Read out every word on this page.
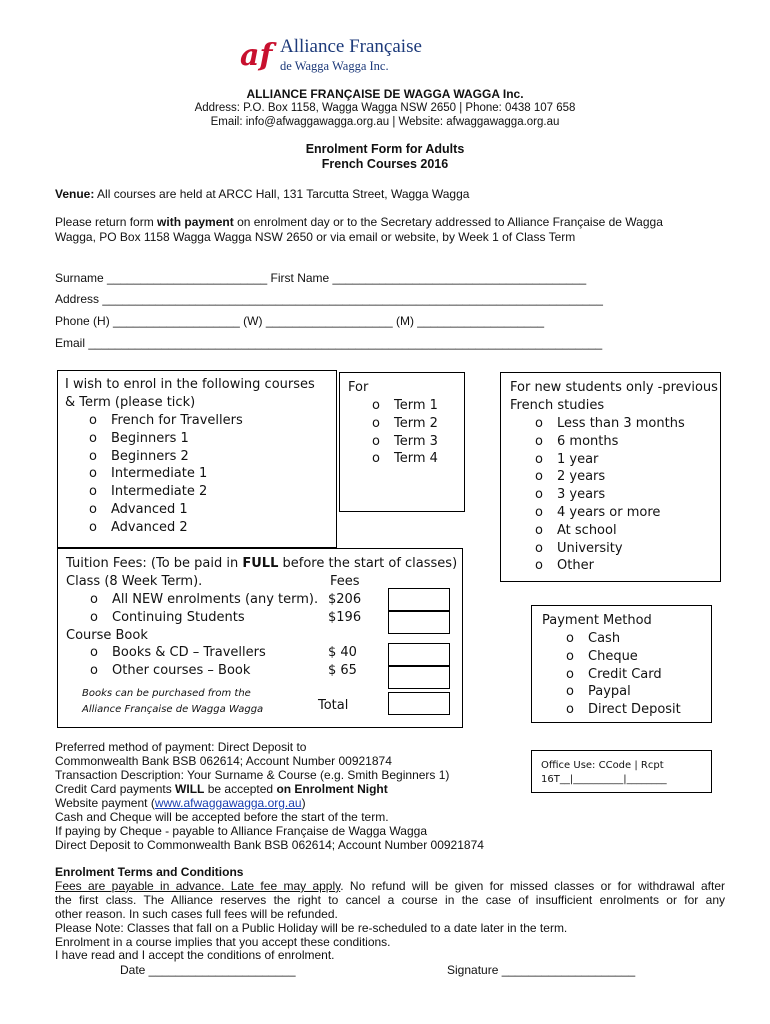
af Alliance Française
de Wagga Wagga Inc.
ALLIANCE FRANÇAISE DE WAGGA WAGGA Inc.
Address: P.O. Box 1158, Wagga Wagga NSW 2650 | Phone: 0438 107 658
Email: info@afwaggawagga.org.au | Website: afwaggawagga.org.au
Enrolment Form for Adults
French Courses 2016
Venue: All courses are held at ARCC Hall, 131 Tarcutta Street, Wagga Wagga
Please return form with payment on enrolment day or to the Secretary addressed to Alliance Française de Wagga
Wagga, PO Box 1158 Wagga Wagga NSW 2650 or via email or website, by Week 1 of Class Term
Surname ________________________ First Name ______________________________________
Address ___________________________________________________________________________
Phone (H) ___________________ (W) ___________________ (M) ___________________
Email _____________________________________________________________________________
I wish to enrol in the following courses
& Term (please tick)
o French for Travellers
o Beginners 1
o Beginners 2
o Intermediate 1
o Intermediate 2
o Advanced 1
o Advanced 2
For
o Term 1
o Term 2
o Term 3
o Term 4
For new students only -previous
French studies
o Less than 3 months
o 6 months
o 1 year
o 2 years
o 3 years
o 4 years or more
o At school
o University
o Other
Tuition Fees: (To be paid in FULL before the start of classes)
Class (8 Week Term).	Fees
o All NEW enrolments (any term). $206
o Continuing Students	$196
Course Book
o Books & CD – Travellers	$ 40
o Other courses – Book	$ 65
Books can be purchased from the
Alliance Française de Wagga Wagga	Total
Payment Method
o Cash
o Cheque
o Credit Card
o Paypal
o Direct Deposit
Office Use: CCode | Rcpt
16T__|__________|________
Preferred method of payment: Direct Deposit to
Commonwealth Bank BSB 062614; Account Number 00921874
Transaction Description: Your Surname & Course (e.g. Smith Beginners 1)
Credit Card payments WILL be accepted on Enrolment Night
Website payment (www.afwaggawagga.org.au)
Cash and Cheque will be accepted before the start of the term.
If paying by Cheque - payable to Alliance Française de Wagga Wagga
Direct Deposit to Commonwealth Bank BSB 062614; Account Number 00921874
Enrolment Terms and Conditions
Fees are payable in advance. Late fee may apply. No refund will be given for missed classes or for withdrawal after
the first class. The Alliance reserves the right to cancel a course in the case of insufficient enrolments or for any
other reason. In such cases full fees will be refunded.
Please Note: Classes that fall on a Public Holiday will be re-scheduled to a date later in the term.
Enrolment in a course implies that you accept these conditions.
I have read and I accept the conditions of enrolment.
Date ______________________	Signature ____________________
